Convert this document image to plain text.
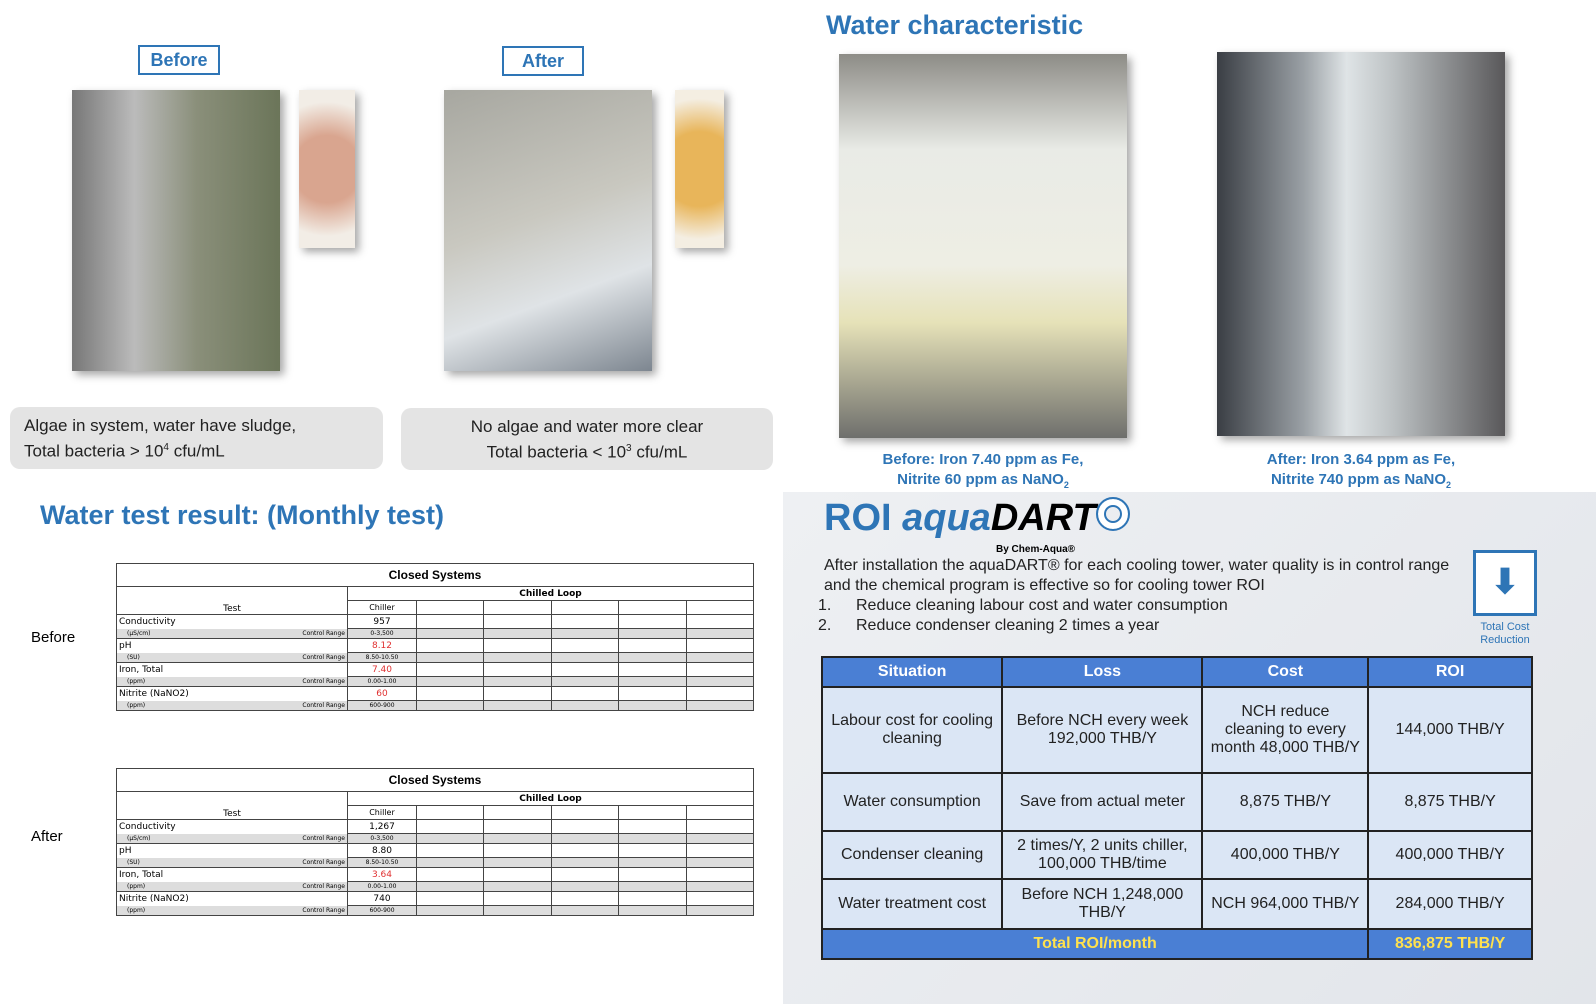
Before	After
Algae in system, water have sludge,
Total bacteria > $10^4$ cfu/mL
No algae and water more clear
Total bacteria < $10^3$ cfu/mL
Water characteristic
Before: Iron 7.40 ppm as Fe,
Nitrite 60 ppm as NaNO$_2$
After: Iron 3.64 ppm as Fe,
Nitrite 740 ppm as NaNO$_2$
Water test result: (Monthly test)
Before
After
Closed Systems						
Test	Chilled Loop					
	Chiller					
Conductivity	957					
(µS/cm) Control Range	0-3,500					
pH	8.12					
(SU) Control Range	8.50-10.50					
Iron, Total	7.40					
(ppm) Control Range	0.00-1.00					
Nitrite (NaNO2)	60					
(ppm) Control Range	600-900					
Closed Systems						
Test	Chilled Loop					
	Chiller					
Conductivity	1,267					
(µS/cm) Control Range	0-3,500					
pH	8.80					
(SU) Control Range	8.50-10.50					
Iron, Total	3.64					
(ppm) Control Range	0.00-1.00					
Nitrite (NaNO2)	740					
(ppm) Control Range	600-900					
ROI aquaDART
By Chem-Aqua®
After installation the aquaDART® for each cooling tower, water quality is in control range and the chemical program is effective so for cooling tower ROI
1. Reduce cleaning labour cost and water consumption
2. Reduce condenser cleaning 2 times a year
⬇
Total Cost
Reduction
Situation	Loss	Cost	ROI
Labour cost for cooling cleaning	Before NCH every week 192,000 THB/Y	NCH reduce cleaning to every month 48,000 THB/Y	144,000 THB/Y
Water consumption	Save from actual meter	8,875 THB/Y	8,875 THB/Y
Condenser cleaning	2 times/Y, 2 units chiller, 100,000 THB/time	400,000 THB/Y	400,000 THB/Y
Water treatment cost	Before NCH 1,248,000 THB/Y	NCH 964,000 THB/Y	284,000 THB/Y
Total ROI/month			836,875 THB/Y
